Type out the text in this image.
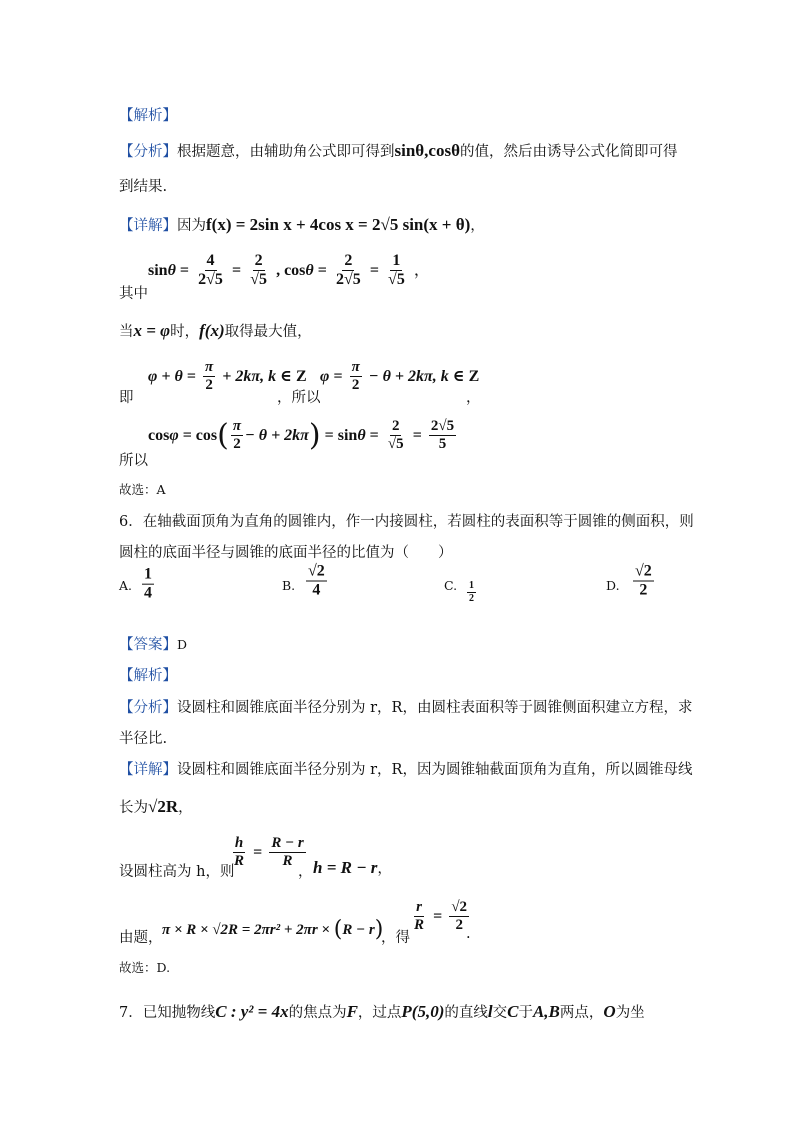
【解析】
【分析】根据题意，由辅助角公式即可得到sinθ,cosθ的值，然后由诱导公式化简即可得
到结果.
【详解】因为f(x) = 2sin x + 4cos x = 2√5 sin(x + θ)，
$\sin\theta = \frac{4}{2√5} = \frac{2}{√5}$ , $\cos\theta = \frac{2}{2√5} = \frac{1}{√5}$ ，
其中
当x = φ时，f(x)取得最大值，
$\varphi + \theta = \frac{\pi}{2} + 2k\pi$, k ∈ Z
即	，所以
$\varphi = \frac{\pi}{2} - \theta + 2k\pi$, k ∈ Z
，
$\cos\varphi = \cos( \frac{\pi}{2} - \theta + 2k\pi) = \sin\theta = \frac{2}{√5} = \frac{2√5}{5}$
所以
故选：A
6．在轴截面顶角为直角的圆锥内，作一内接圆柱，若圆柱的表面积等于圆锥的侧面积，则
圆柱的底面半径与圆锥的底面半径的比值为（　　）
A. $\frac{1}{4}$	B. $\frac{√2}{4}$	C. $\frac{1}{2}$	D. $\frac{√2}{2}$
【答案】D
【解析】
【分析】设圆柱和圆锥底面半径分别为 r，R，由圆柱表面积等于圆锥侧面积建立方程，求
半径比.
【详解】设圆柱和圆锥底面半径分别为 r，R，因为圆锥轴截面顶角为直角，所以圆锥母线
长为√2R，
设圆柱高为 h，则
$\frac{h}{R} = \frac{R - r}{R}$
， h = R − r，
由题， π × R × √2R = 2πr² + 2πr × (R − r)
，得
$\frac{r}{R} = \frac{√2}{2}$
.
故选：D.
7．已知抛物线C : y² = 4x的焦点为F，过点P(5,0)的直线l交C于A,B两点，O为坐
